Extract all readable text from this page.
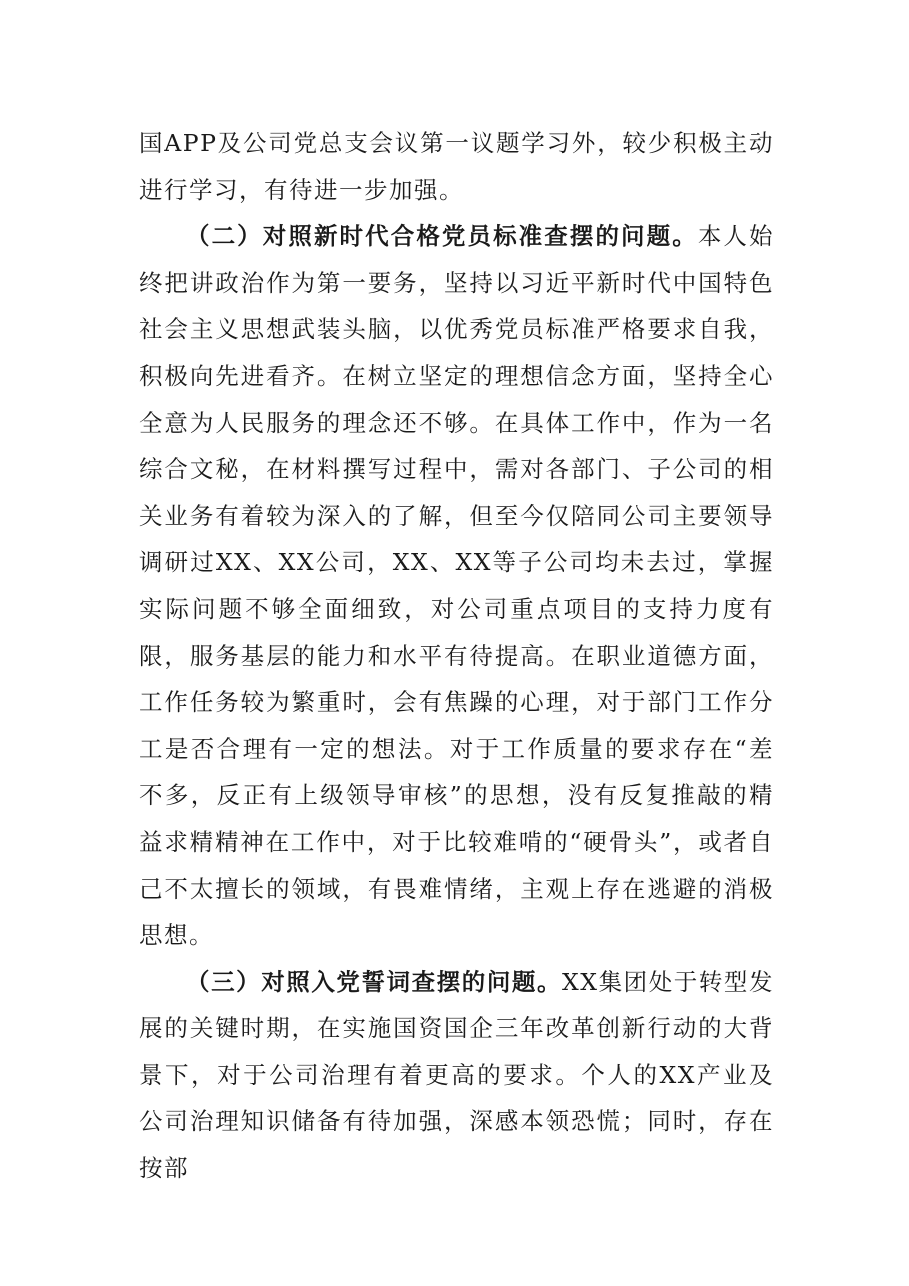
国APP及公司党总支会议第一议题学习外，较少积极主动进行学习，有待进一步加强。

（二）对照新时代合格党员标准查摆的问题。本人始终把讲政治作为第一要务，坚持以习近平新时代中国特色社会主义思想武装头脑，以优秀党员标准严格要求自我，积极向先进看齐。在树立坚定的理想信念方面，坚持全心全意为人民服务的理念还不够。在具体工作中，作为一名综合文秘，在材料撰写过程中，需对各部门、子公司的相关业务有着较为深入的了解，但至今仅陪同公司主要领导调研过XX、XX公司，XX、XX等子公司均未去过，掌握实际问题不够全面细致，对公司重点项目的支持力度有限，服务基层的能力和水平有待提高。在职业道德方面，工作任务较为繁重时，会有焦躁的心理，对于部门工作分工是否合理有一定的想法。对于工作质量的要求存在“差不多，反正有上级领导审核”的思想，没有反复推敲的精益求精精神在工作中，对于比较难啃的“硬骨头”，或者自己不太擅长的领域，有畏难情绪，主观上存在逃避的消极思想。

（三）对照入党誓词查摆的问题。XX集团处于转型发展的关键时期，在实施国资国企三年改革创新行动的大背景下，对于公司治理有着更高的要求。个人的XX产业及公司治理知识储备有待加强，深感本领恐慌；同时，存在按部
